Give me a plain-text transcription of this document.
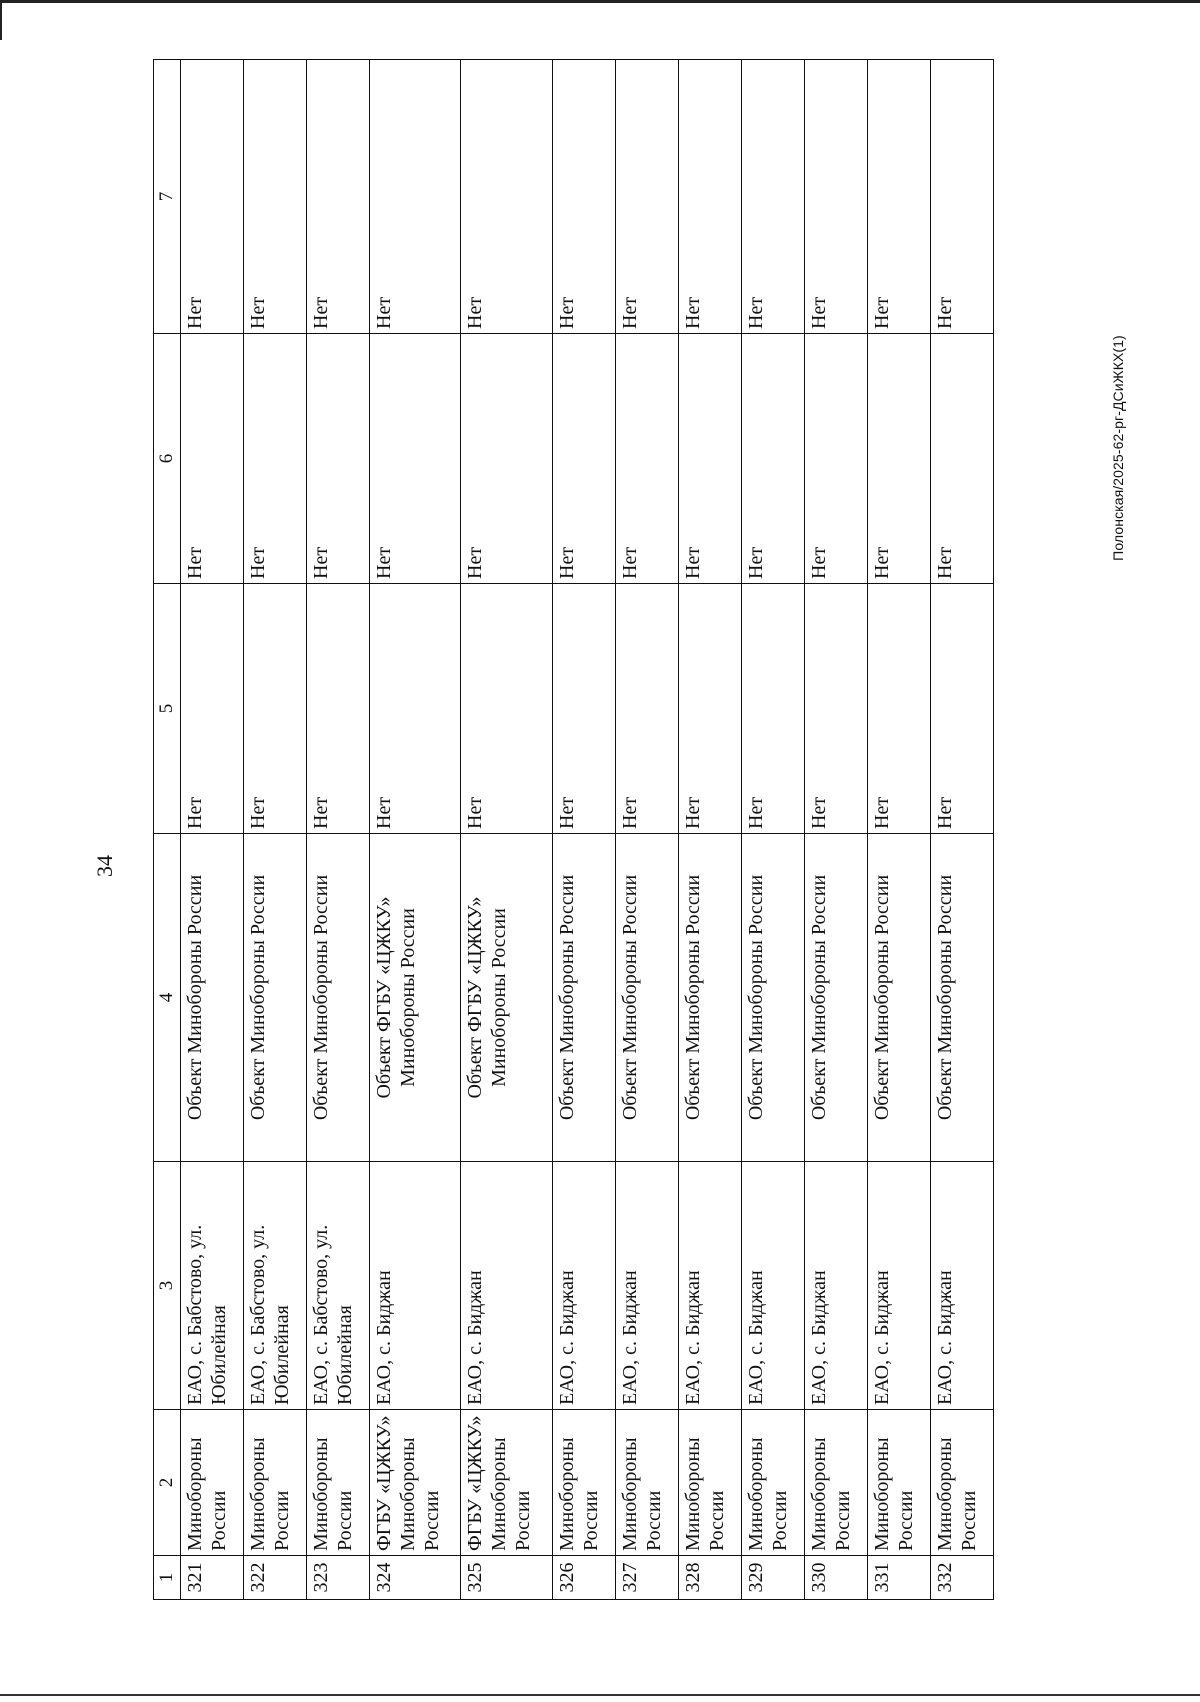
34
Полонская/2025-62-рг-ДСиЖКХ(1)
1	2	3	4	5	6	7
321	Минобороны России	ЕАО, с. Бабстово, ул. Юбилейная	Объект Минобороны России	Нет	Нет	Нет
322	Минобороны России	ЕАО, с. Бабстово, ул. Юбилейная	Объект Минобороны России	Нет	Нет	Нет
323	Минобороны России	ЕАО, с. Бабстово, ул. Юбилейная	Объект Минобороны России	Нет	Нет	Нет
324	ФГБУ «ЦЖКУ» Минобороны России	ЕАО, с. Биджан	Объект ФГБУ «ЦЖКУ» Минобороны России	Нет	Нет	Нет
325	ФГБУ «ЦЖКУ» Минобороны России	ЕАО, с. Биджан	Объект ФГБУ «ЦЖКУ» Минобороны России	Нет	Нет	Нет
326	Минобороны России	ЕАО, с. Биджан	Объект Минобороны России	Нет	Нет	Нет
327	Минобороны России	ЕАО, с. Биджан	Объект Минобороны России	Нет	Нет	Нет
328	Минобороны России	ЕАО, с. Биджан	Объект Минобороны России	Нет	Нет	Нет
329	Минобороны России	ЕАО, с. Биджан	Объект Минобороны России	Нет	Нет	Нет
330	Минобороны России	ЕАО, с. Биджан	Объект Минобороны России	Нет	Нет	Нет
331	Минобороны России	ЕАО, с. Биджан	Объект Минобороны России	Нет	Нет	Нет
332	Минобороны России	ЕАО, с. Биджан	Объект Минобороны России	Нет	Нет	Нет
